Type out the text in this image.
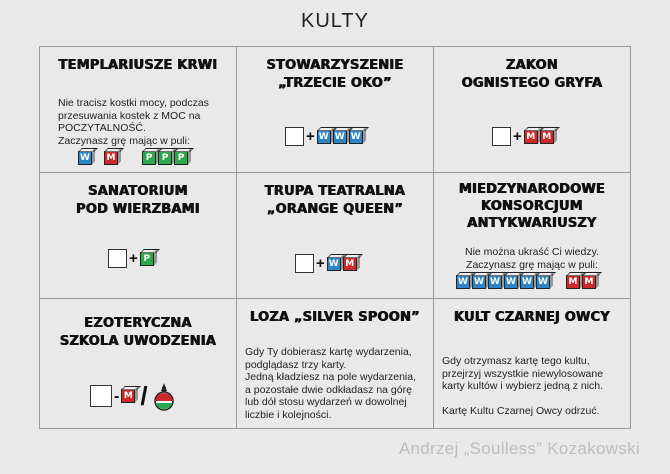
KULTY
TEMPLARIUSZE KRWI
Nie tracisz kostki mocy, podczas
przesuwania kostek z MOC na
POCZYTALNOŚĆ.
Zaczynasz grę mając w puli:
W M	P	P	P
STOWARZYSZENIE
„TRZECIE OKO”
+ W W W
ZAKON
OGNISTEGO GRYFA
+ M M
SANATORIUM
POD WIERZBAMI
+ P
TRUPA TEATRALNA
„ORANGE QUEEN”
+ W M
MIEDZYNARODOWE
KONSORCJUM
ANTYKWARIUSZY
Nie można ukraść Ci wiedzy.
Zaczynasz grę mając w puli:
W W W W W W M M
EZOTERYCZNA
SZKOLA UWODZENIA
- M /
LOZA „SILVER SPOON”
Gdy Ty dobierasz kartę wydarzenia,
podglądasz trzy karty.
Jedną kładziesz na pole wydarzenia,
a pozostałe dwie odkładasz na górę
lub dół stosu wydarzeń w dowolnej
liczbie i kolejności.
KULT CZARNEJ OWCY
Gdy otrzymasz kartę tego kultu,
przejrzyj wszystkie niewylosowane
karty kultów i wybierz jedną z nich.
Kartę Kultu Czarnej Owcy odrzuć.
Andrzej „Soulless” Kozakowski
